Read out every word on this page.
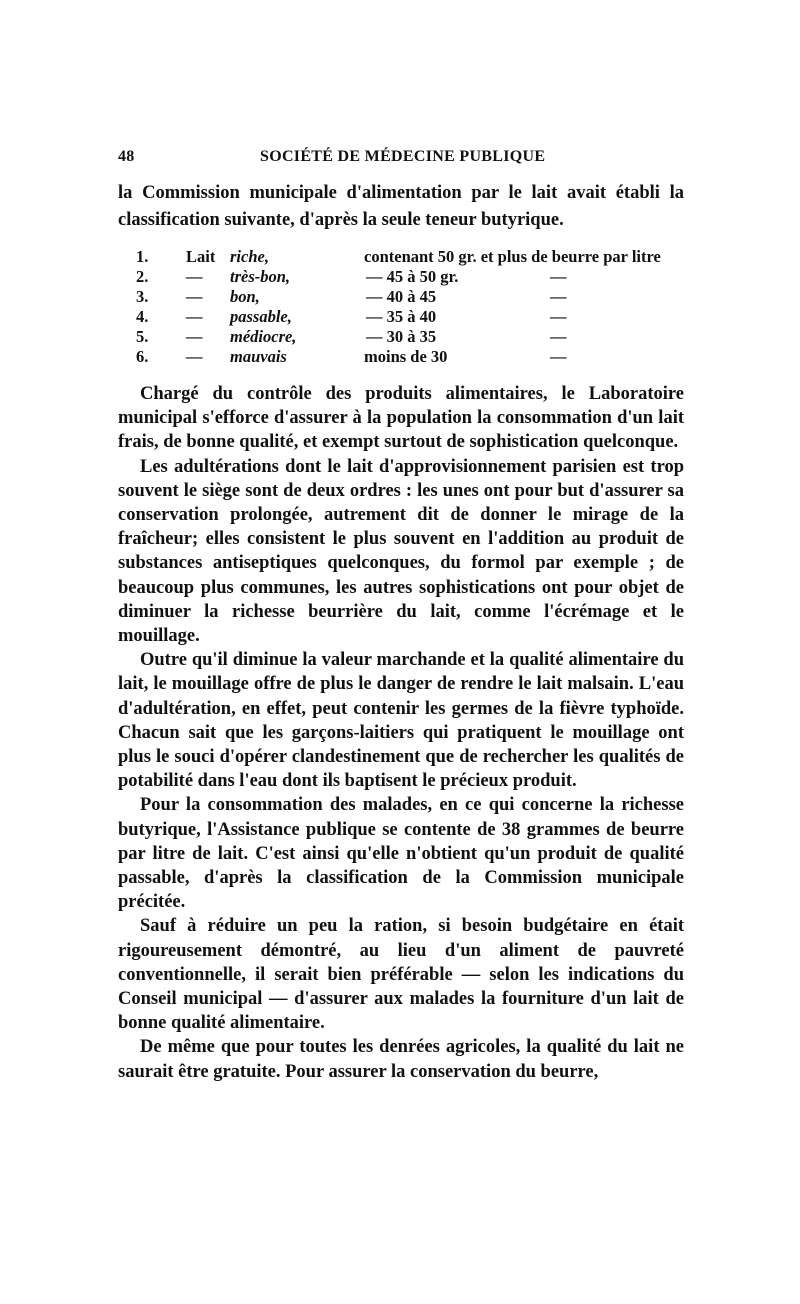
48	SOCIÉTÉ DE MÉDECINE PUBLIQUE

la Commission municipale d'alimentation par le lait avait établi la classification suivante, d'après la seule teneur butyrique.

1. Lait riche,	contenant 50 gr. et plus de beurre par litre
2. — très-bon,	— 45 à 50 gr.	—
3. — bon,	— 40 à 45	—
4. — passable,	— 35 à 40	—
5. — médiocre,	— 30 à 35	—
6. — mauvais	moins de 30	—

Chargé du contrôle des produits alimentaires, le Laboratoire municipal s'efforce d'assurer à la population la consommation d'un lait frais, de bonne qualité, et exempt surtout de sophistication quelconque.

Les adultérations dont le lait d'approvisionnement parisien est trop souvent le siège sont de deux ordres : les unes ont pour but d'assurer sa conservation prolongée, autrement dit de donner le mirage de la fraîcheur; elles consistent le plus souvent en l'addition au produit de substances antiseptiques quelconques, du formol par exemple ; de beaucoup plus communes, les autres sophistications ont pour objet de diminuer la richesse beurrière du lait, comme l'écrémage et le mouillage.

Outre qu'il diminue la valeur marchande et la qualité alimentaire du lait, le mouillage offre de plus le danger de rendre le lait malsain. L'eau d'adultération, en effet, peut contenir les germes de la fièvre typhoïde. Chacun sait que les garçons-laitiers qui pratiquent le mouillage ont plus le souci d'opérer clandestinement que de rechercher les qualités de potabilité dans l'eau dont ils baptisent le précieux produit.

Pour la consommation des malades, en ce qui concerne la richesse butyrique, l'Assistance publique se contente de 38 grammes de beurre par litre de lait. C'est ainsi qu'elle n'obtient qu'un produit de qualité passable, d'après la classification de la Commission municipale précitée.

Sauf à réduire un peu la ration, si besoin budgétaire en était rigoureusement démontré, au lieu d'un aliment de pauvreté conventionnelle, il serait bien préférable — selon les indications du Conseil municipal — d'assurer aux malades la fourniture d'un lait de bonne qualité alimentaire.

De même que pour toutes les denrées agricoles, la qualité du lait ne saurait être gratuite. Pour assurer la conservation du beurre,
